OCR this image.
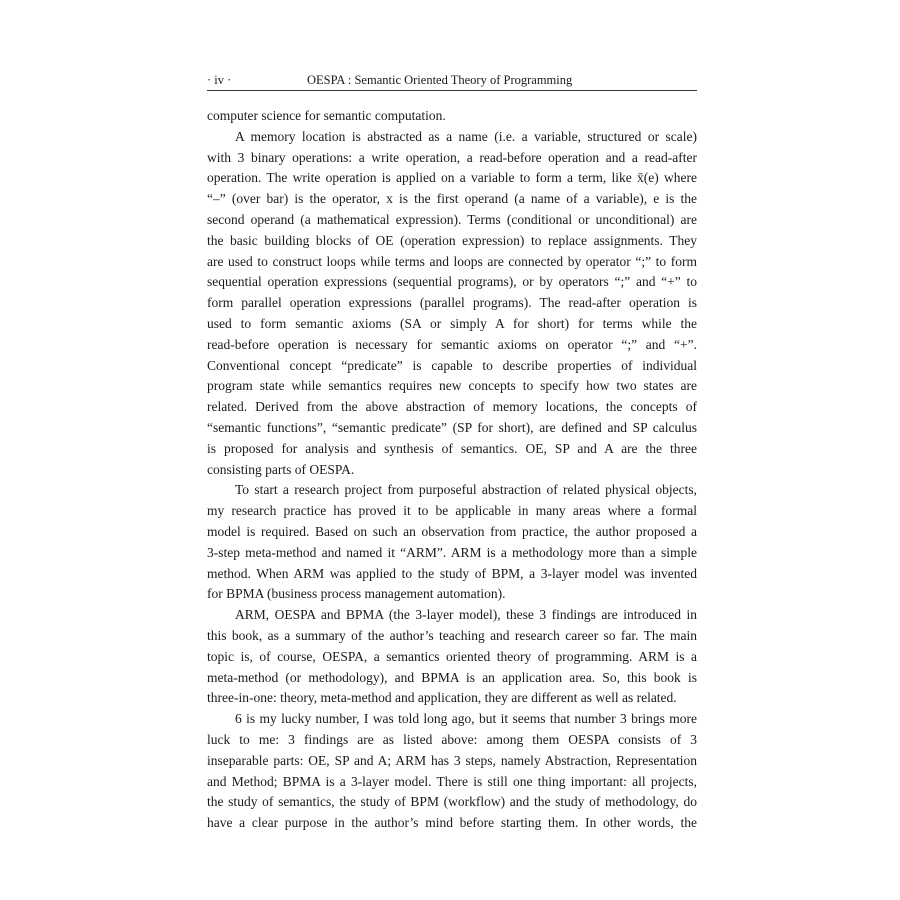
· iv ·	OESPA : Semantic Oriented Theory of Programming
computer science for semantic computation.
A memory location is abstracted as a name (i.e. a variable, structured or scale)
with 3 binary operations: a write operation, a read-before operation and a read-after
operation. The write operation is applied on a variable to form a term, like x̄(e) where
“–” (over bar) is the operator, x is the first operand (a name of a variable), e is the
second operand (a mathematical expression). Terms (conditional or unconditional) are
the basic building blocks of OE (operation expression) to replace assignments. They
are used to construct loops while terms and loops are connected by operator “;” to form
sequential operation expressions (sequential programs), or by operators “;” and “+” to
form parallel operation expressions (parallel programs). The read-after operation is
used to form semantic axioms (SA or simply A for short) for terms while the
read-before operation is necessary for semantic axioms on operator “;” and “+”.
Conventional concept “predicate” is capable to describe properties of individual
program state while semantics requires new concepts to specify how two states are
related. Derived from the above abstraction of memory locations, the concepts of
“semantic functions”, “semantic predicate” (SP for short), are defined and SP calculus
is proposed for analysis and synthesis of semantics. OE, SP and A are the three
consisting parts of OESPA.
To start a research project from purposeful abstraction of related physical objects,
my research practice has proved it to be applicable in many areas where a formal
model is required. Based on such an observation from practice, the author proposed a
3-step meta-method and named it “ARM”. ARM is a methodology more than a simple
method. When ARM was applied to the study of BPM, a 3-layer model was invented
for BPMA (business process management automation).
ARM, OESPA and BPMA (the 3-layer model), these 3 findings are introduced in
this book, as a summary of the author’s teaching and research career so far. The main
topic is, of course, OESPA, a semantics oriented theory of programming. ARM is a
meta-method (or methodology), and BPMA is an application area. So, this book is
three-in-one: theory, meta-method and application, they are different as well as related.
6 is my lucky number, I was told long ago, but it seems that number 3 brings more
luck to me: 3 findings are as listed above: among them OESPA consists of 3
inseparable parts: OE, SP and A; ARM has 3 steps, namely Abstraction, Representation
and Method; BPMA is a 3-layer model. There is still one thing important: all projects,
the study of semantics, the study of BPM (workflow) and the study of methodology, do
have a clear purpose in the author’s mind before starting them. In other words, the
